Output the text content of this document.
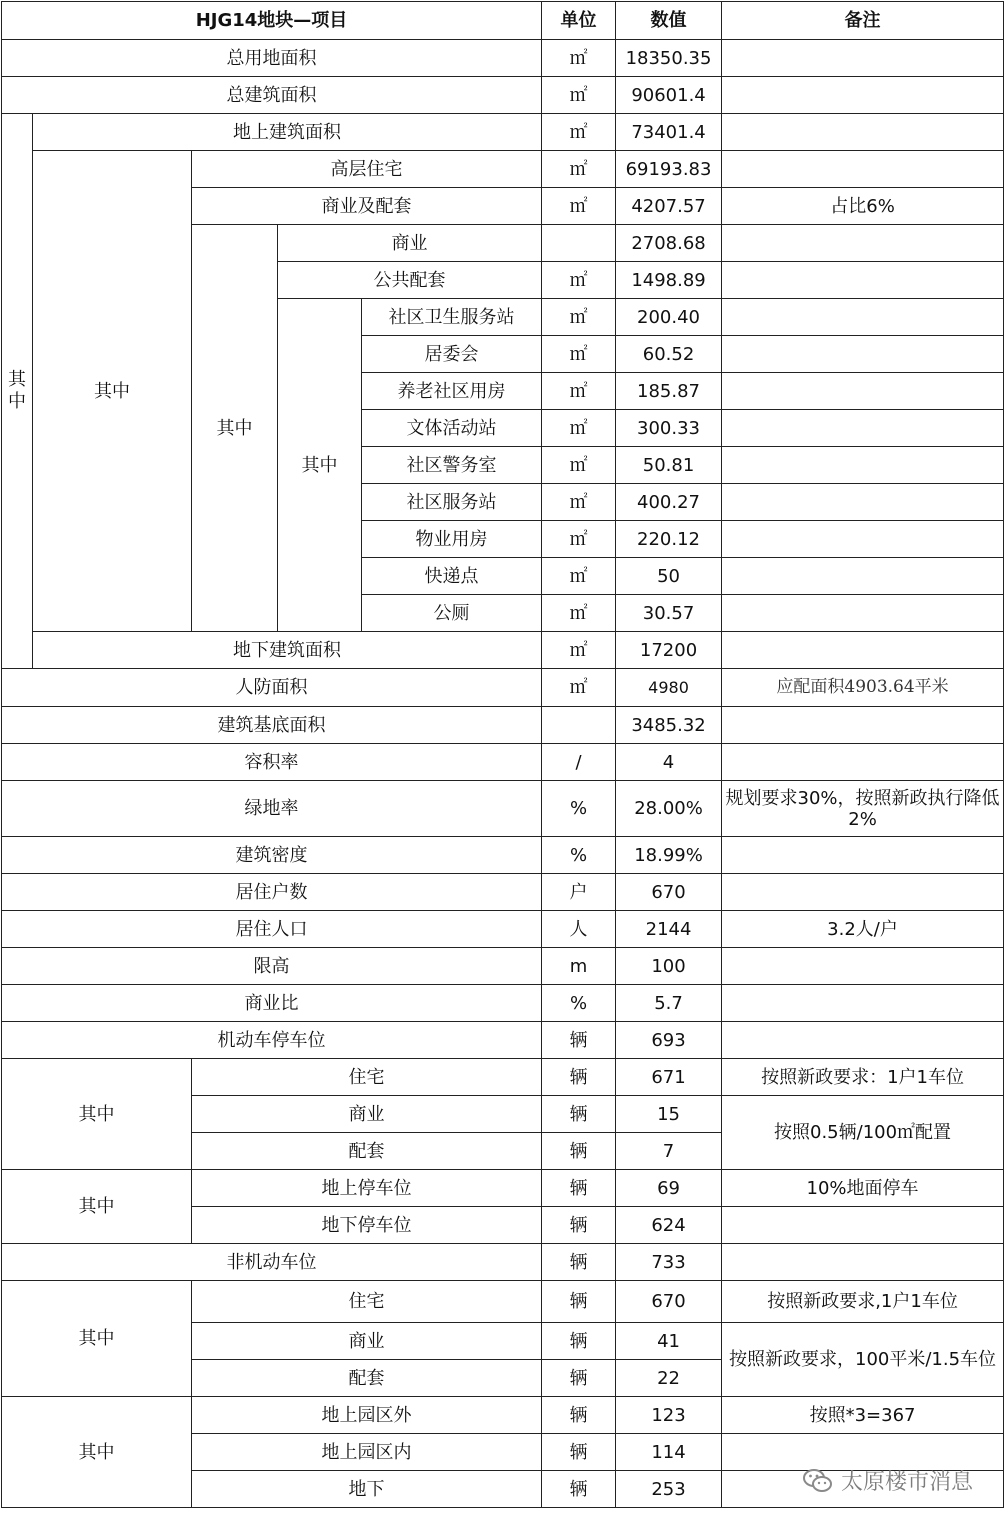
HJG14地块—项目					单位	数值	备注
总用地面积					㎡	18350.35	
总建筑面积					㎡	90601.4	
其中	地上建筑面积				㎡	73401.4	
	其中	高层住宅			㎡	69193.83	
		商业及配套			㎡	4207.57	占比6%
		其中	商业			2708.68	
			公共配套		㎡	1498.89	
			其中	社区卫生服务站	㎡	200.40	
				居委会	㎡	60.52	
				养老社区用房	㎡	185.87	
				文体活动站	㎡	300.33	
				社区警务室	㎡	50.81	
				社区服务站	㎡	400.27	
				物业用房	㎡	220.12	
				快递点	㎡	50	
				公厕	㎡	30.57	
	地下建筑面积				㎡	17200	
人防面积					㎡	4980	应配面积4903.64平米
建筑基底面积						3485.32	
容积率					/	4	
绿地率					%	28.00%	规划要求30%，按照新政执行降低2%
建筑密度					%	18.99%	
居住户数					户	670	
居住人口					人	2144	3.2人/户
限高					m	100	
商业比					%	5.7	
机动车停车位					辆	693	
其中		住宅			辆	671	按照新政要求：1户1车位
		商业			辆	15	按照0.5辆/100㎡配置
		配套			辆	7	
其中		地上停车位			辆	69	10%地面停车
		地下停车位			辆	624	
非机动车位					辆	733	
其中		住宅			辆	670	按照新政要求,1户1车位
		商业			辆	41	按照新政要求，100平米/1.5车位
		配套			辆	22	
其中		地上园区外			辆	123	按照*3=367
		地上园区内			辆	114	
		地下			辆	253		太原楼市消息
